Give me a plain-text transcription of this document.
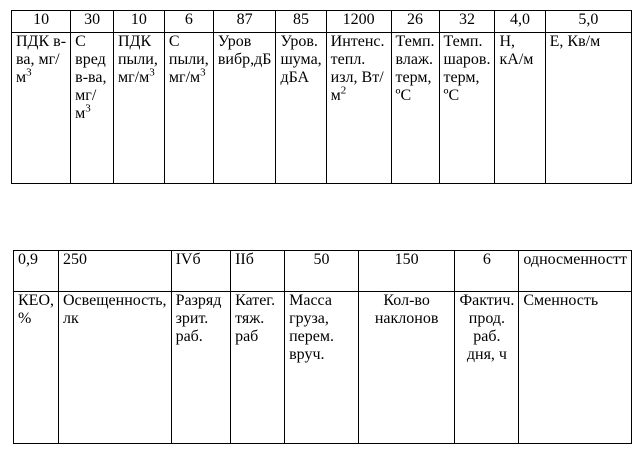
10	30	10	6	87	85	1200	26	32	4,0	5,0
ПДК в-ва, $мг/м^3$	С вред в-ва, $мг/м^3$	ПДК пыли, $мг/м^3$	С пыли, $мг/м^3$	Уров вибр,дБ	Уров. шума, дБА	Интенс. тепл. изл, $Вт/м^2$	Темп. влаж. терм, ºС	Темп. шаров. терм, ºС	Н, кА/м	Е, Кв/м
0,9	250	IVб	IIб	50	150	6	односменностт
КЕО, %	Освещенность, лк	Разряд зрит. раб.	Катег. тяж. раб	Масса груза, перем. вруч.	Кол-во наклонов	Фактич. прод. раб. дня, ч	Сменность
